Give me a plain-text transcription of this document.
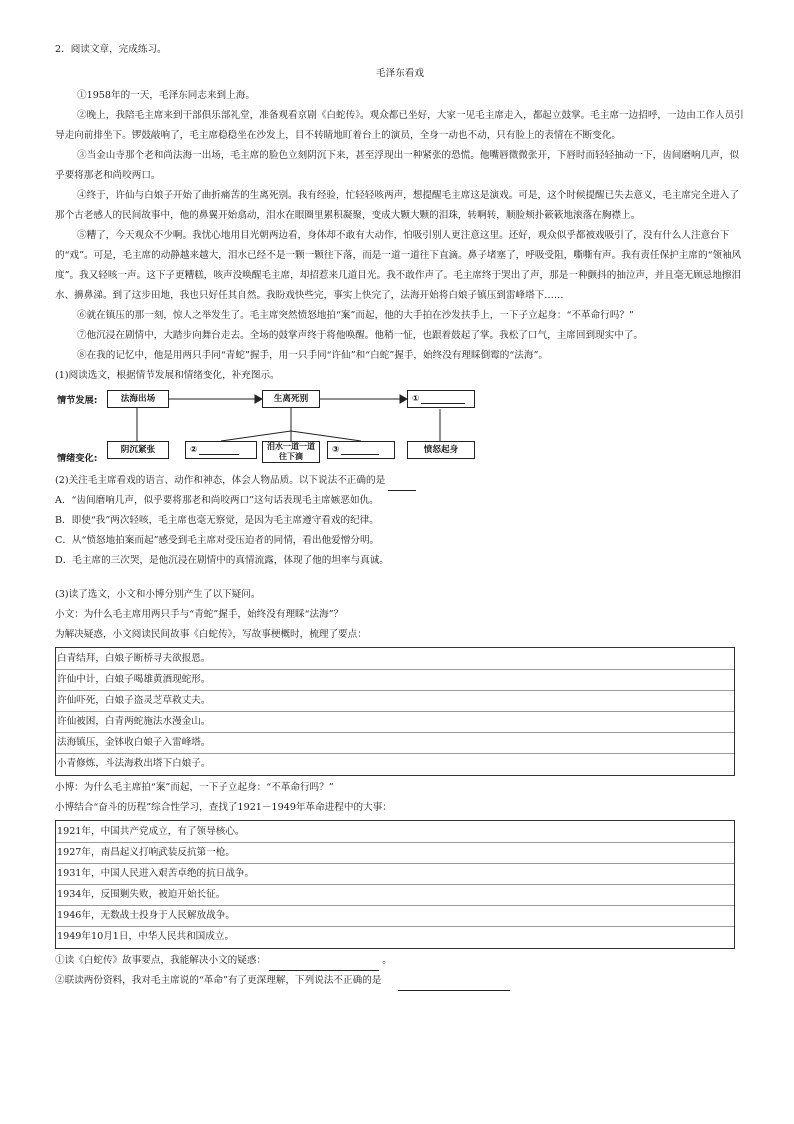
2．阅读文章，完成练习。

毛泽东看戏

①1958年的一天，毛泽东同志来到上海。

②晚上，我陪毛主席来到干部俱乐部礼堂，准备观看京剧《白蛇传》。观众都已坐好，大家一见毛主席走入，都起立鼓掌。毛主席一边招呼，一边由工作人员引导走向前排坐下。锣鼓敲响了，毛主席稳稳坐在沙发上，目不转睛地盯着台上的演员，全身一动也不动，只有脸上的表情在不断变化。

③当金山寺那个老和尚法海一出场，毛主席的脸色立刻阴沉下来，甚至浮现出一种紧张的恐慌。他嘴唇微微张开，下唇时而轻轻抽动一下，齿间磨响几声，似乎要将那老和尚咬两口。

④终于，许仙与白娘子开始了曲折痛苦的生离死别。我有经验，忙轻轻咳两声，想提醒毛主席这是演戏。可是，这个时候提醒已失去意义，毛主席完全进入了那个古老感人的民间故事中，他的鼻翼开始翕动，泪水在眼圈里累积凝聚，变成大颗大颗的泪珠，转啊转，顺脸颊扑簌簌地滚落在胸襟上。

⑤糟了，今天观众不少啊。我忧心地用目光朝两边看，身体却不敢有大动作，怕吸引别人更注意这里。还好，观众似乎都被戏吸引了，没有什么人注意台下的“戏”。可是，毛主席的动静越来越大，泪水已经不是一颗一颗往下落，而是一道一道往下直滴。鼻子堵塞了，呼吸受阻，嘶嘶有声。我有责任保护主席的“领袖风度”。我又轻咳一声。这下子更糟糕，咳声没唤醒毛主席，却招惹来几道目光。我不敢作声了。毛主席终于哭出了声，那是一种颤抖的抽泣声，并且毫无顾忌地擦泪水、擤鼻涕。到了这步田地，我也只好任其自然。我盼戏快些完，事实上快完了，法海开始将白娘子镇压到雷峰塔下……

⑥就在镇压的那一刻，惊人之举发生了。毛主席突然愤怒地拍“案”而起，他的大手拍在沙发扶手上，一下子立起身：“不革命行吗？”

⑦他沉浸在剧情中，大踏步向舞台走去。全场的鼓掌声终于将他唤醒。他稍一怔，也跟着鼓起了掌。我松了口气，主席回到现实中了。

⑧在我的记忆中，他是用两只手同“青蛇”握手，用一只手同“许仙”和“白蛇”握手，始终没有理睬倒霉的“法海”。

(1)阅读选文，根据情节发展和情绪变化，补充图示。

情节发展:
情绪变化:
法海出场	生离死别	①
阴沉紧张	②	泪水一道一道往下滴
③	愤怒起身

(2)关注毛主席看戏的语言、动作和神态，体会人物品质。以下说法不正确的是

A．“齿间磨响几声，似乎要将那老和尚咬两口”这句话表现毛主席嫉恶如仇。

B．即使“我”两次轻咳，毛主席也毫无察觉，是因为毛主席遵守看戏的纪律。

C．从“愤怒地拍案而起”感受到毛主席对受压迫者的同情，看出他爱憎分明。

D．毛主席的三次哭，是他沉浸在剧情中的真情流露，体现了他的坦率与真诚。

(3)读了选文，小文和小博分别产生了以下疑问。

小文：为什么毛主席用两只手与“青蛇”握手，始终没有理睬“法海”？

为解决疑惑，小文阅读民间故事《白蛇传》，写故事梗概时，梳理了要点：

白青结拜，白娘子断桥寻夫欲报恩。
许仙中计，白娘子喝雄黄酒现蛇形。
许仙吓死，白娘子盗灵芝草救丈夫。
许仙被困，白青两蛇施法水漫金山。
法海镇压，金钵收白娘子入雷峰塔。
小青修炼，斗法海救出塔下白娘子。

小博：为什么毛主席拍“案”而起，一下子立起身：“不革命行吗？”

小博结合“奋斗的历程”综合性学习，查找了1921－1949年革命进程中的大事：

1921年，中国共产党成立，有了领导核心。
1927年，南昌起义打响武装反抗第一枪。
1931年，中国人民进入艰苦卓绝的抗日战争。
1934年，反围剿失败，被迫开始长征。
1946年，无数战士投身于人民解放战争。
1949年10月1日，中华人民共和国成立。

①读《白蛇传》故事要点，我能解决小文的疑惑：	。

②联读两份资料，我对毛主席说的“革命”有了更深理解，下列说法不正确的是
